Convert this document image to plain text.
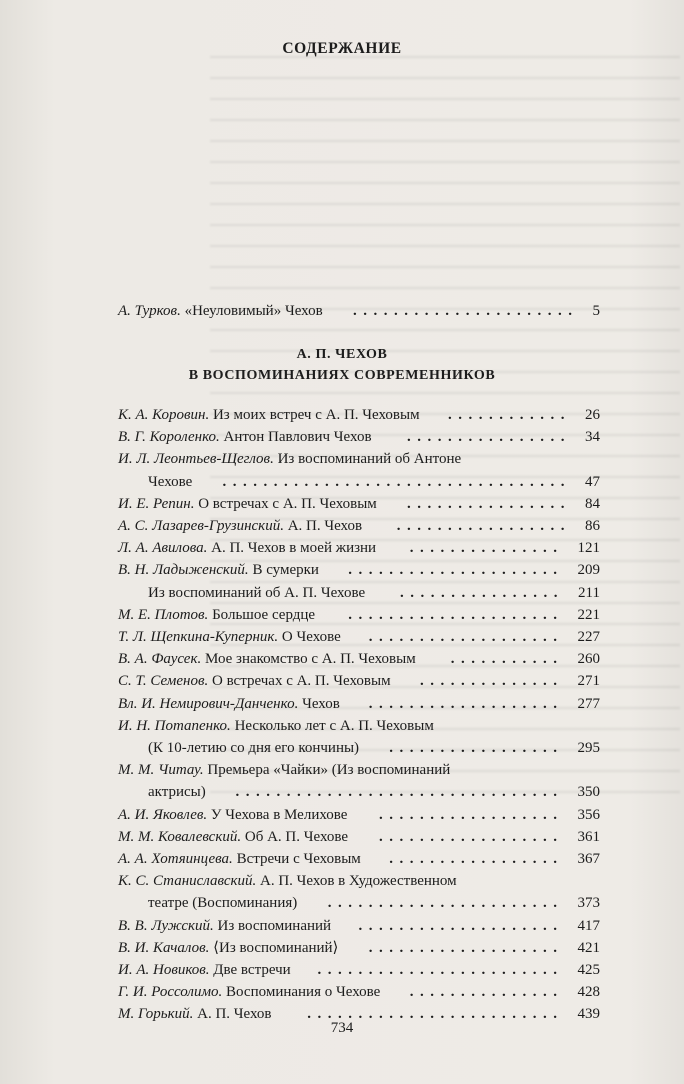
СОДЕРЖАНИЕ
А. Турков. «Неуловимый» Чехов ...................... 5
А. П. ЧЕХОВ
В ВОСПОМИНАНИЯХ СОВРЕМЕННИКОВ
К. А. Коровин. Из моих встреч с А. П. Чеховым ............ 26
В. Г. Короленко. Антон Павлович Чехов ................ 34
И. Л. Леонтьев-Щеглов. Из воспоминаний об Антоне
Чехове .................................. 47
И. Е. Репин. О встречах с А. П. Чеховым ................ 84
А. С. Лазарев-Грузинский. А. П. Чехов ................. 86
Л. А. Авилова. А. П. Чехов в моей жизни ............... 121
В. Н. Ладыженский. В сумерки ..................... 209
Из воспоминаний об А. П. Чехове ................ 211
М. Е. Плотов. Большое сердце ..................... 221
Т. Л. Щепкина-Куперник. О Чехове ................... 227
В. А. Фаусек. Мое знакомство с А. П. Чеховым ........... 260
С. Т. Семенов. О встречах с А. П. Чеховым .............. 271
Вл. И. Немирович-Данченко. Чехов ................... 277
И. Н. Потапенко. Несколько лет с А. П. Чеховым
(К 10-летию со дня его кончины) ................. 295
М. М. Читау. Премьера «Чайки» (Из воспоминаний
актрисы) ................................ 350
А. И. Яковлев. У Чехова в Мелихове .................. 356
М. М. Ковалевский. Об А. П. Чехове .................. 361
А. А. Хотяинцева. Встречи с Чеховым ................. 367
К. С. Станиславский. А. П. Чехов в Художественном
театре (Воспоминания) ....................... 373
В. В. Лужский. Из воспоминаний .................... 417
В. И. Качалов. ⟨Из воспоминаний⟩ ................... 421
И. А. Новиков. Две встречи ........................ 425
Г. И. Россолимо. Воспоминания о Чехове ............... 428
М. Горький. А. П. Чехов ......................... 439
734
